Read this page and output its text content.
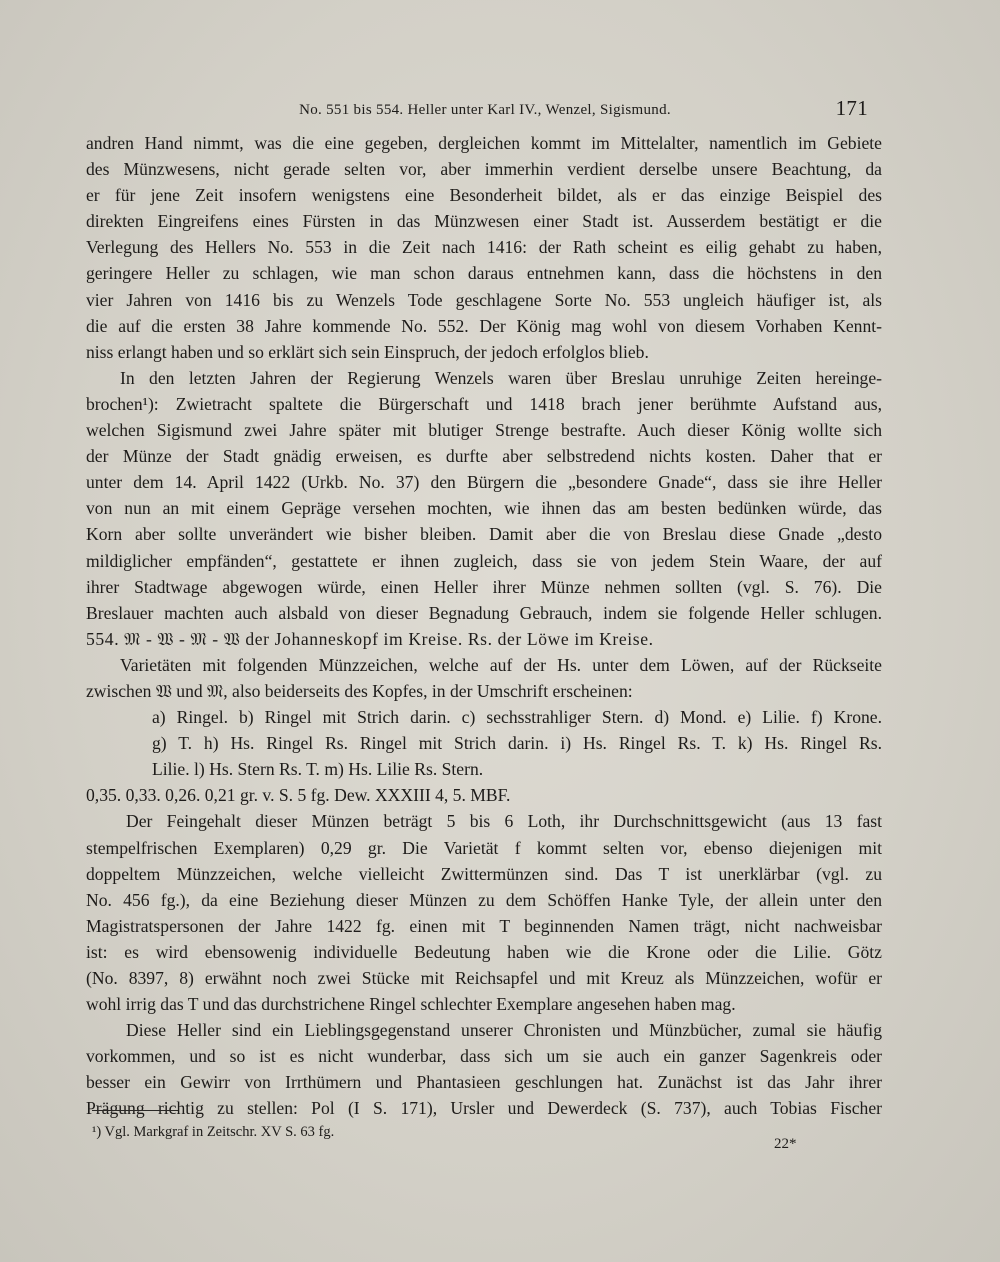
No. 551 bis 554. Heller unter Karl IV., Wenzel, Sigismund.	171
andren Hand nimmt, was die eine gegeben, dergleichen kommt im Mittelalter, namentlich im Gebiete
des Münzwesens, nicht gerade selten vor, aber immerhin verdient derselbe unsere Beachtung, da
er für jene Zeit insofern wenigstens eine Besonderheit bildet, als er das einzige Beispiel des
direkten Eingreifens eines Fürsten in das Münzwesen einer Stadt ist. Ausserdem bestätigt er die
Verlegung des Hellers No. 553 in die Zeit nach 1416: der Rath scheint es eilig gehabt zu haben,
geringere Heller zu schlagen, wie man schon daraus entnehmen kann, dass die höchstens in den
vier Jahren von 1416 bis zu Wenzels Tode geschlagene Sorte No. 553 ungleich häufiger ist, als
die auf die ersten 38 Jahre kommende No. 552. Der König mag wohl von diesem Vorhaben Kennt-
niss erlangt haben und so erklärt sich sein Einspruch, der jedoch erfolglos blieb.
In den letzten Jahren der Regierung Wenzels waren über Breslau unruhige Zeiten hereinge-
brochen¹): Zwietracht spaltete die Bürgerschaft und 1418 brach jener berühmte Aufstand aus,
welchen Sigismund zwei Jahre später mit blutiger Strenge bestrafte. Auch dieser König wollte sich
der Münze der Stadt gnädig erweisen, es durfte aber selbstredend nichts kosten. Daher that er
unter dem 14. April 1422 (Urkb. No. 37) den Bürgern die „besondere Gnade“, dass sie ihre Heller
von nun an mit einem Gepräge versehen mochten, wie ihnen das am besten bedünken würde, das
Korn aber sollte unverändert wie bisher bleiben. Damit aber die von Breslau diese Gnade „desto
mildiglicher empfänden“, gestattete er ihnen zugleich, dass sie von jedem Stein Waare, der auf
ihrer Stadtwage abgewogen würde, einen Heller ihrer Münze nehmen sollten (vgl. S. 76). Die
Breslauer machten auch alsbald von dieser Begnadung Gebrauch, indem sie folgende Heller schlugen.
554. 𝔐 - 𝔚 - 𝔐 - 𝔚 der Johanneskopf im Kreise. Rs. der Löwe im Kreise.
Varietäten mit folgenden Münzzeichen, welche auf der Hs. unter dem Löwen, auf der Rückseite
zwischen 𝔚 und 𝔐, also beiderseits des Kopfes, in der Umschrift erscheinen:
a) Ringel. b) Ringel mit Strich darin. c) sechsstrahliger Stern. d) Mond. e) Lilie. f) Krone.
g) T. h) Hs. Ringel Rs. Ringel mit Strich darin. i) Hs. Ringel Rs. T. k) Hs. Ringel Rs.
Lilie. l) Hs. Stern Rs. T. m) Hs. Lilie Rs. Stern.
0,35. 0,33. 0,26. 0,21 gr. v. S. 5 fg. Dew. XXXIII 4, 5. MBF.
Der Feingehalt dieser Münzen beträgt 5 bis 6 Loth, ihr Durchschnittsgewicht (aus 13 fast
stempelfrischen Exemplaren) 0,29 gr. Die Varietät f kommt selten vor, ebenso diejenigen mit
doppeltem Münzzeichen, welche vielleicht Zwittermünzen sind. Das T ist unerklärbar (vgl. zu
No. 456 fg.), da eine Beziehung dieser Münzen zu dem Schöffen Hanke Tyle, der allein unter den
Magistratspersonen der Jahre 1422 fg. einen mit T beginnenden Namen trägt, nicht nachweisbar
ist: es wird ebensowenig individuelle Bedeutung haben wie die Krone oder die Lilie. Götz
(No. 8397, 8) erwähnt noch zwei Stücke mit Reichsapfel und mit Kreuz als Münzzeichen, wofür er
wohl irrig das T und das durchstrichene Ringel schlechter Exemplare angesehen haben mag.
Diese Heller sind ein Lieblingsgegenstand unserer Chronisten und Münzbücher, zumal sie häufig
vorkommen, und so ist es nicht wunderbar, dass sich um sie auch ein ganzer Sagenkreis oder
besser ein Gewirr von Irrthümern und Phantasieen geschlungen hat. Zunächst ist das Jahr ihrer
Prägung richtig zu stellen: Pol (I S. 171), Ursler und Dewerdeck (S. 737), auch Tobias Fischer
¹) Vgl. Markgraf in Zeitschr. XV S. 63 fg.
22*
